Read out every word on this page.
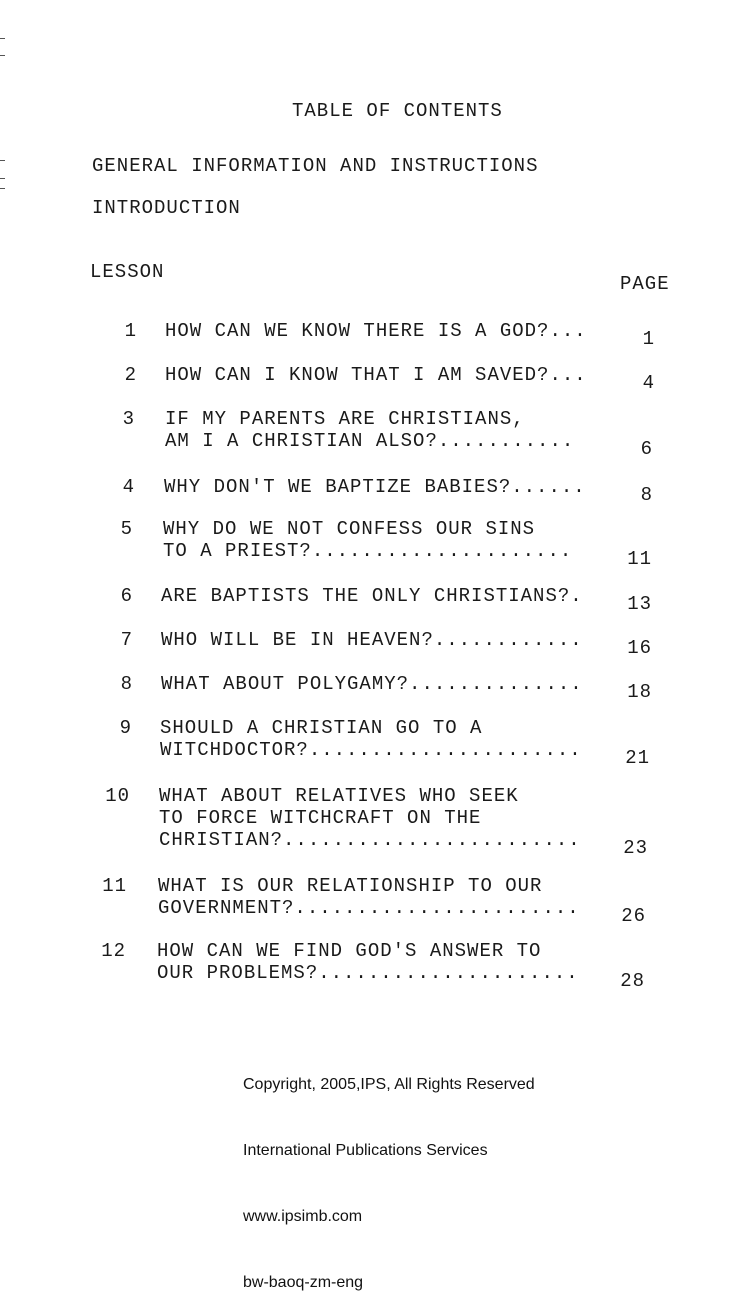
TABLE OF CONTENTS
GENERAL INFORMATION AND INSTRUCTIONS
INTRODUCTION
LESSON
PAGE
1 HOW CAN WE KNOW THERE IS A GOD?...	1
2 HOW CAN I KNOW THAT I AM SAVED?...	4
3 IF MY PARENTS ARE CHRISTIANS,
AM I A CHRISTIAN ALSO?...........	6
4 WHY DON'T WE BAPTIZE BABIES?......	8
5 WHY DO WE NOT CONFESS OUR SINS
TO A PRIEST?.....................	11
6 ARE BAPTISTS THE ONLY CHRISTIANS?.	13
7 WHO WILL BE IN HEAVEN?............	16
8 WHAT ABOUT POLYGAMY?..............	18
9 SHOULD A CHRISTIAN GO TO A
WITCHDOCTOR?......................	21
10 WHAT ABOUT RELATIVES WHO SEEK
TO FORCE WITCHCRAFT ON THE
CHRISTIAN?........................	23
11 WHAT IS OUR RELATIONSHIP TO OUR
GOVERNMENT?.......................	26
12 HOW CAN WE FIND GOD'S ANSWER TO
OUR PROBLEMS?.....................	28

Copyright, 2005,IPS, All Rights Reserved

International Publications Services

www.ipsimb.com

bw-baoq-zm-eng
